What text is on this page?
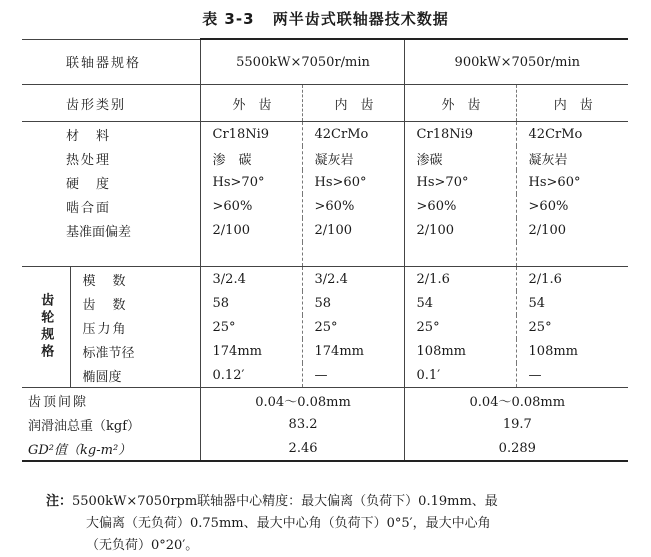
表 3-3 两半齿式联轴器技术数据
联轴器规格		5500kW×7050r/min		900kW×7050r/min	
齿形类别		外　齿	内　齿	外　齿	内　齿
材　料		Cr18Ni9	42CrMo	Cr18Ni9	42CrMo
热处理		渗　碳	凝灰岩	渗碳	凝灰岩
硬　度		Hs>70°	Hs>60°	Hs>70°	Hs>60°
啮合面		>60%	>60%	>60%	>60%
基准面偏差		2/100	2/100	2/100	2/100

齿轮规格	模　数	3/2.4	3/2.4	2/1.6	2/1.6
	齿　数	58	58	54	54
	压力角	25°	25°	25°	25°
	标准节径	174mm	174mm	108mm	108mm
	椭圆度	0.12′	—	0.1′	—
齿顶间隙		0.04～0.08mm		0.04～0.08mm	
润滑油总重（kgf）		83.2		19.7	
GD²值（kg-m²）		2.46		0.289	
注：5500kW×7050rpm联轴器中心精度：最大偏离（负荷下）0.19mm、最
大偏离（无负荷）0.75mm、最大中心角（负荷下）0°5′，最大中心角
（无负荷）0°20′。
